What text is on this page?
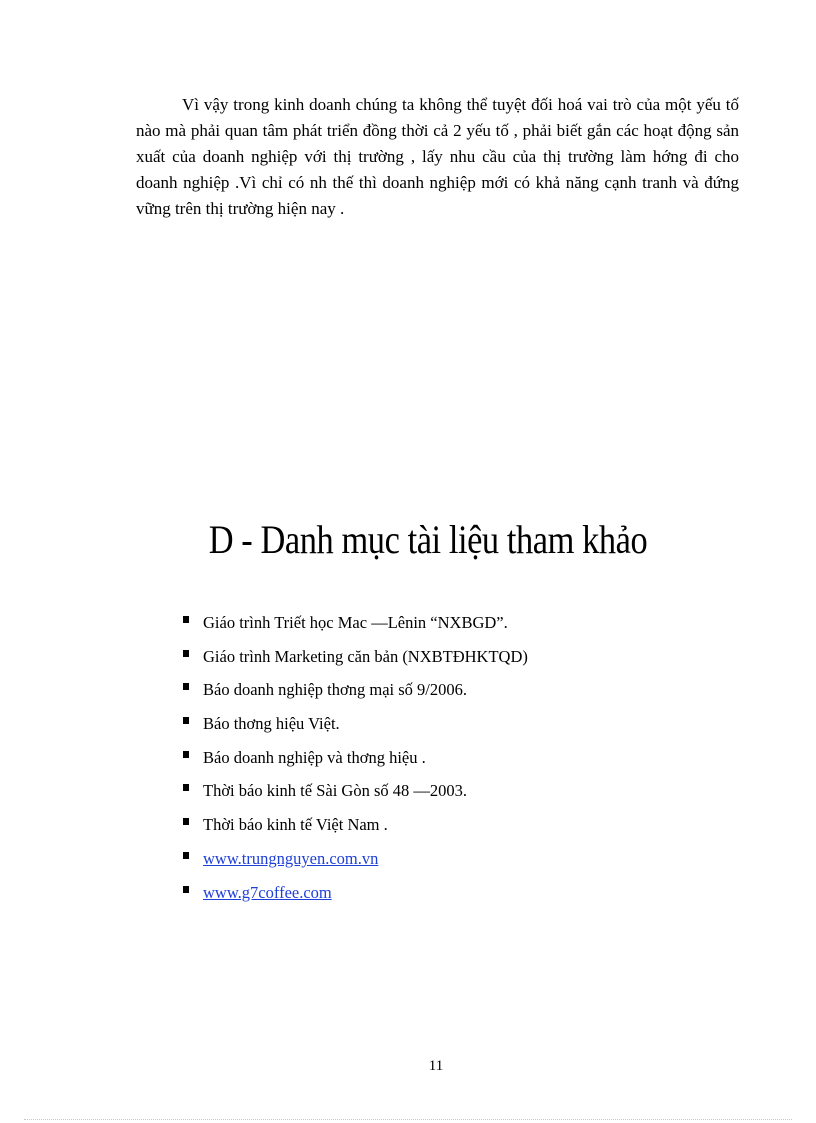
Vì vậy trong kinh doanh chúng ta không thể tuyệt đối hoá vai trò của một yếu tố nào mà phải quan tâm phát triển đồng thời cả 2 yếu tố , phải biết gắn các hoạt động sản xuất của doanh nghiệp với thị trường , lấy nhu cầu của thị trường làm hớng đi cho doanh nghiệp .Vì chỉ có nh thế thì doanh nghiệp mới có khả năng cạnh tranh và đứng vững trên thị trường hiện nay .

D - Danh mục tài liệu tham khảo
Giáo trình Triết học Mac —Lênin “NXBGD”.
Giáo trình Marketing căn bản (NXBTĐHKTQD)
Báo doanh nghiệp thơng mại số 9/2006.
Báo thơng hiệu Việt.
Báo doanh nghiệp và thơng hiệu .
Thời báo kinh tế Sài Gòn số 48 —2003.
Thời báo kinh tế Việt Nam .
www.trungnguyen.com.vn
www.g7coffee.com
11
